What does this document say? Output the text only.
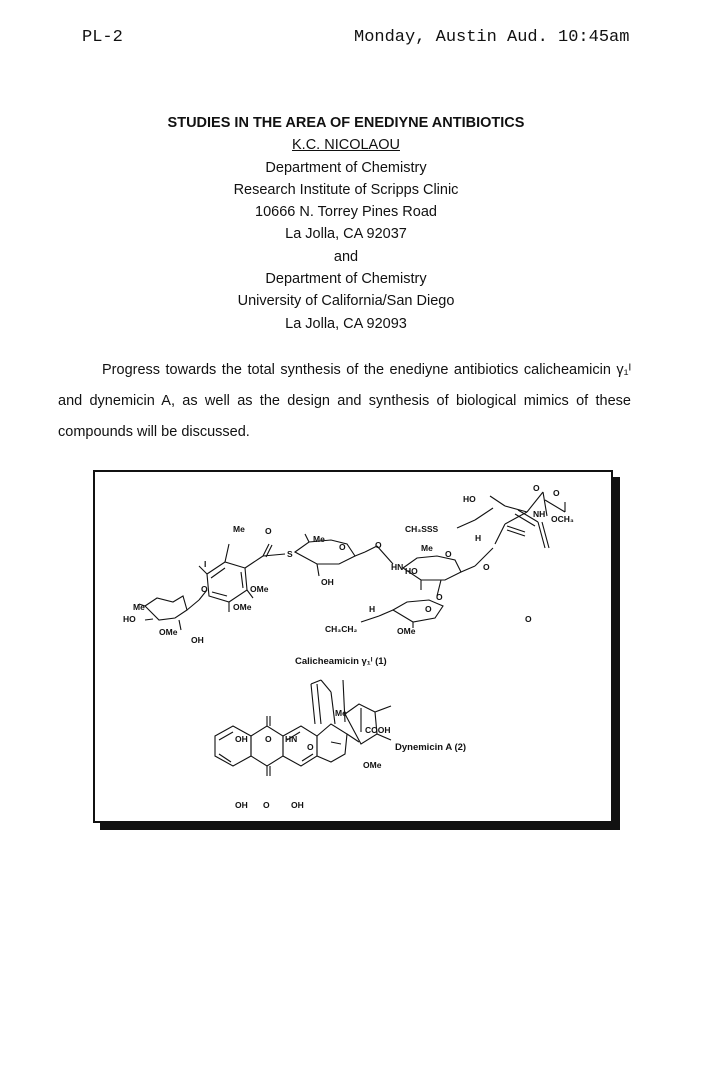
PL-2	Monday, Austin Aud. 10:45am
STUDIES IN THE AREA OF ENEDIYNE ANTIBIOTICS
K.C. NICOLAOU
Department of Chemistry
Research Institute of Scripps Clinic
10666 N. Torrey Pines Road
La Jolla, CA 92037
and
Department of Chemistry
University of California/San Diego
La Jolla, CA 92093
Progress towards the total synthesis of the enediyne antibiotics calicheamicin γ₁ᴵ and dynemicin A, as well as the design and synthesis of biological mimics of these compounds will be discussed.
Me
I
O
S
O
OMe
OMe
Me
HO
OMe
OH
Me
OH
O	O
HN
Me
HO
O
O
H
CH₃CH₂	OMe
O
O
CH₃SSS
HO
NH OCH₃
O O
H
O
Calicheamicin γ₁ᴵ (1)
Me
COOH
OMe
OH O HN
OH O	OH
O	Dynemicin A (2)
